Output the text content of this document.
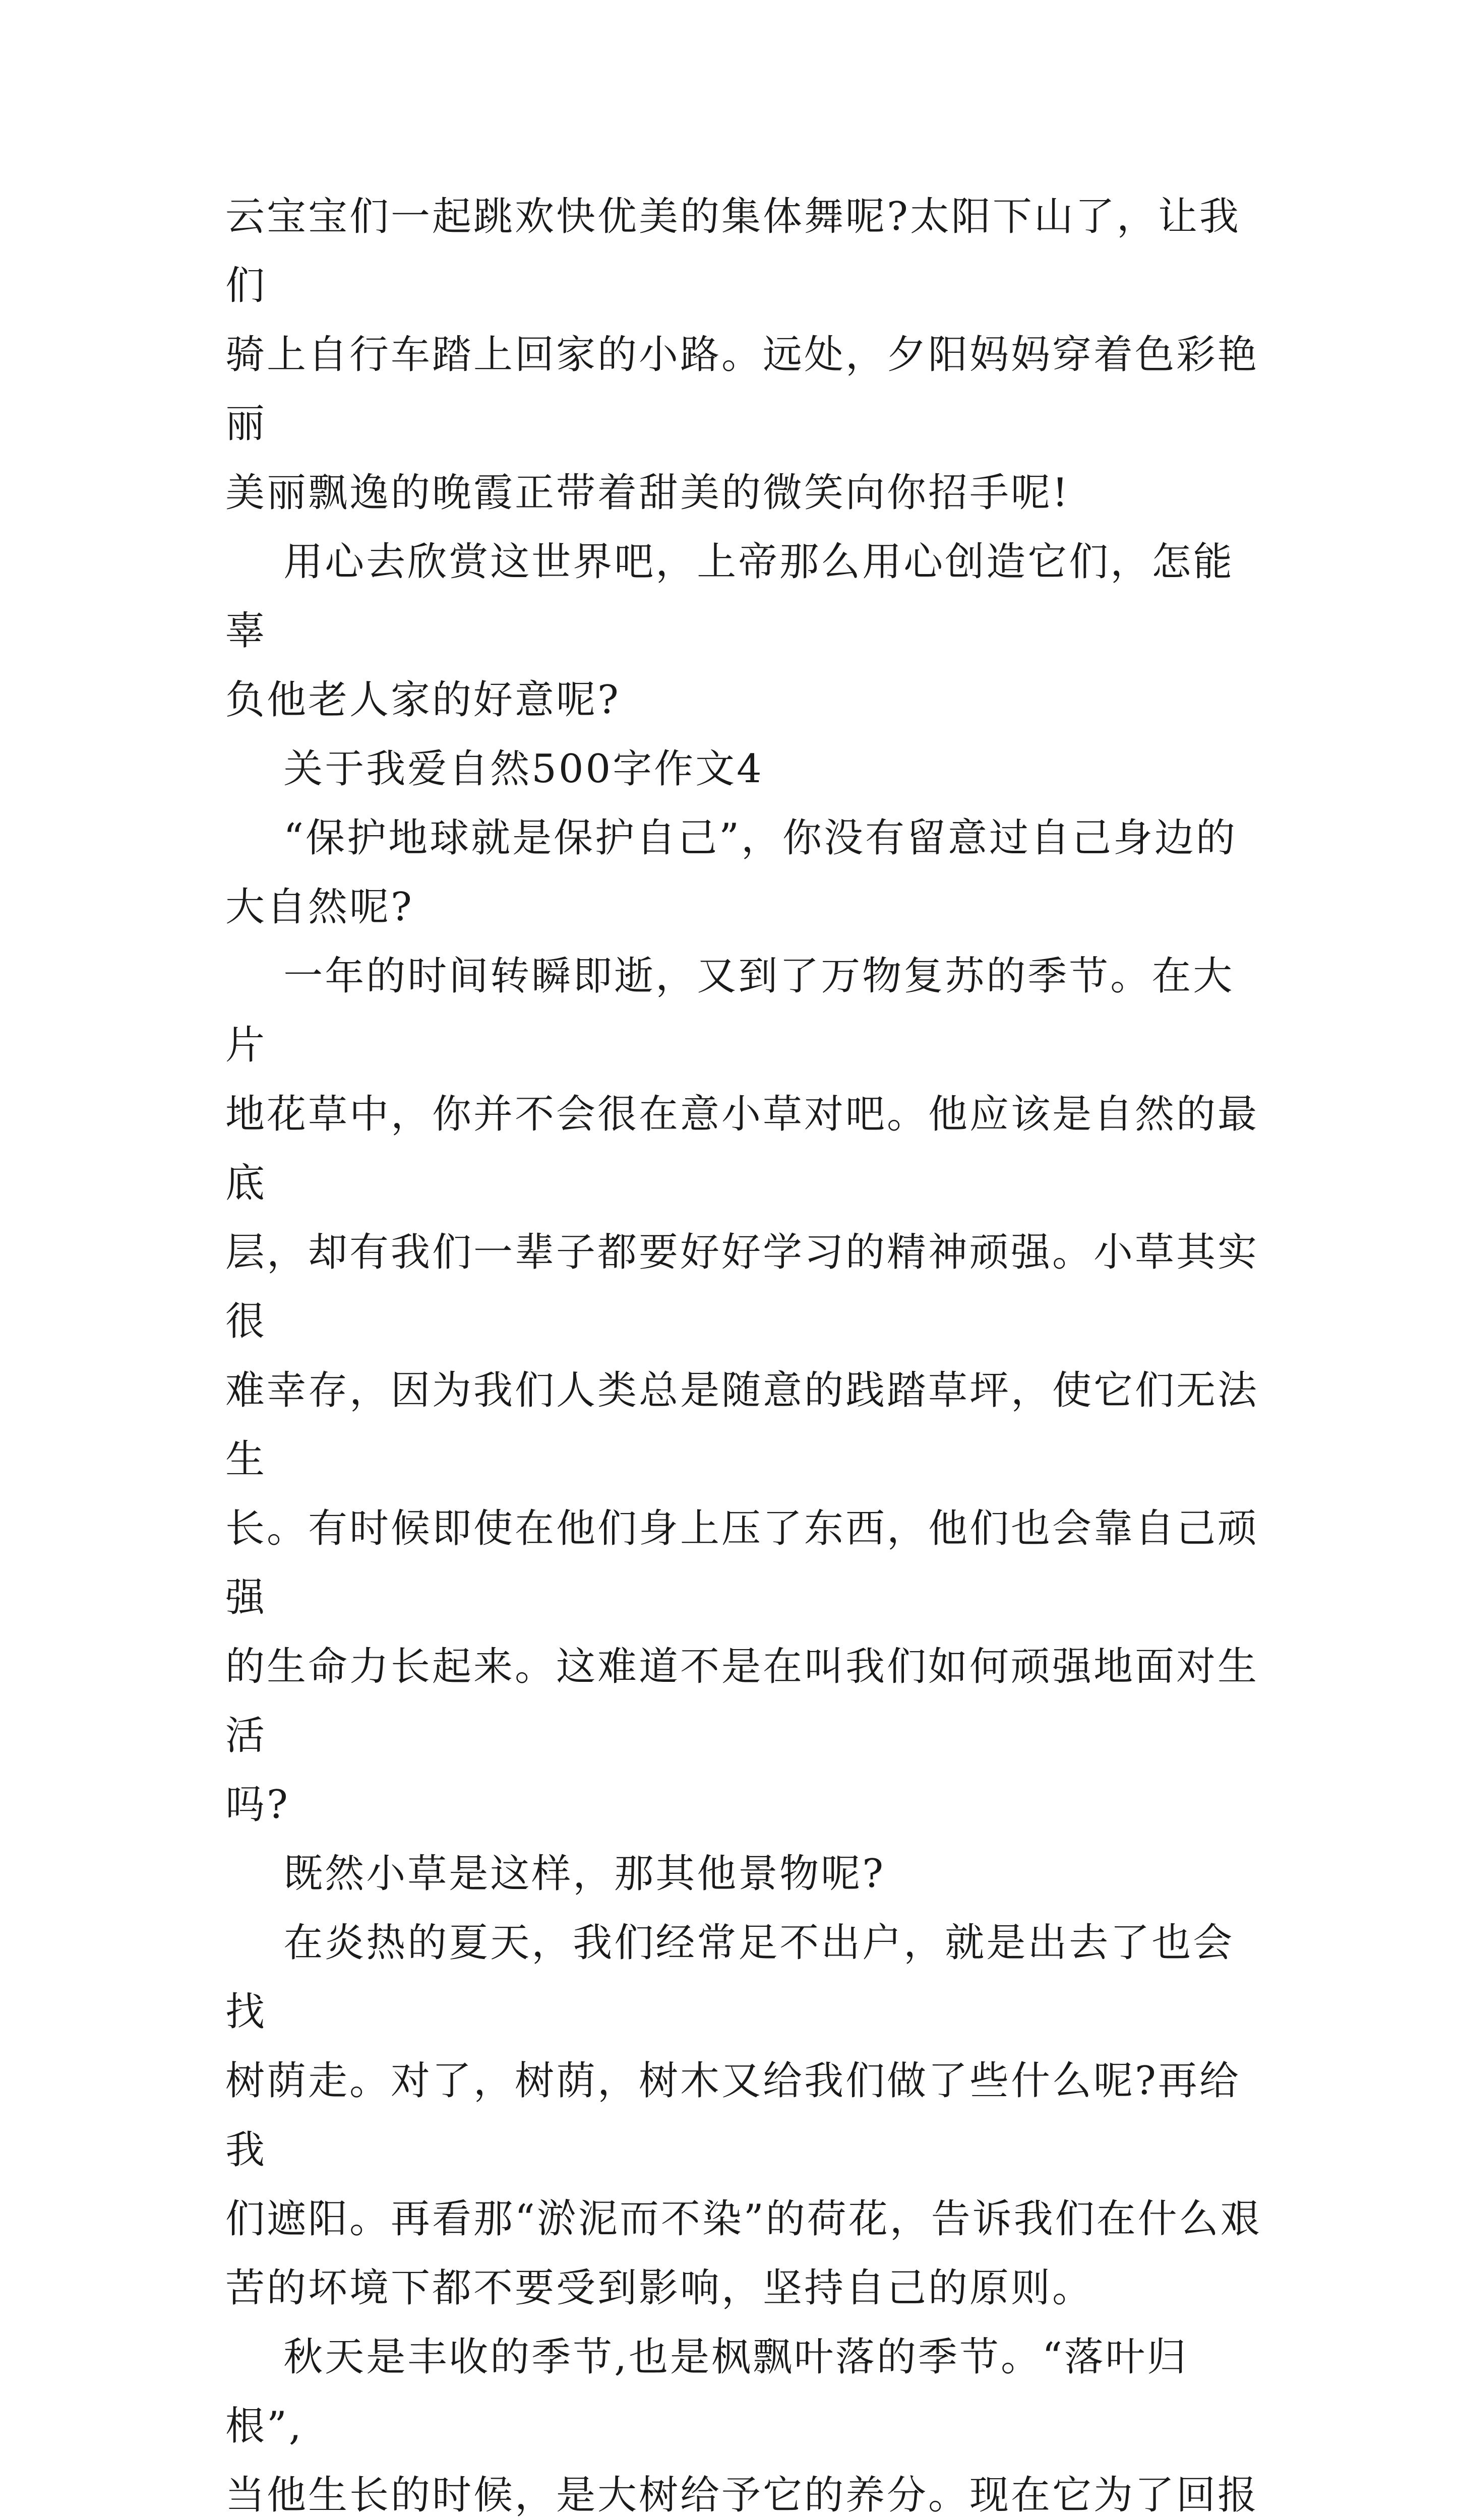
云宝宝们一起跳欢快优美的集体舞呢?太阳下山了，让我们
骑上自行车踏上回家的小路。远处，夕阳妈妈穿着色彩艳丽
美丽飘逸的晚霞正带着甜美的微笑向你招手呢!

用心去欣赏这世界吧，上帝那么用心创造它们，怎能辜
负他老人家的好意呢?

关于我爱自然500字作文4

“保护地球就是保护自己”，你没有留意过自己身边的
大自然呢?

一年的时间转瞬即逝，又到了万物复苏的季节。在大片
地花草中，你并不会很在意小草对吧。他应该是自然的最底
层，却有我们一辈子都要好好学习的精神顽强。小草其实很
难幸存，因为我们人类总是随意的践踏草坪，使它们无法生
长。有时候即使在他们身上压了东西，他们也会靠自己顽强
的生命力长起来。这难道不是在叫我们如何顽强地面对生活
吗?

既然小草是这样，那其他景物呢?

在炎热的夏天，我们经常足不出户，就是出去了也会找
树荫走。对了，树荫，树木又给我们做了些什么呢?再给我
们遮阳。再看那“淤泥而不染”的荷花，告诉我们在什么艰
苦的坏境下都不要受到影响，坚持自己的原则。

秋天是丰收的季节,也是枫飘叶落的季节。“落叶归根”,
当他生长的时候，是大树给予它的养分。现在它为了回报
